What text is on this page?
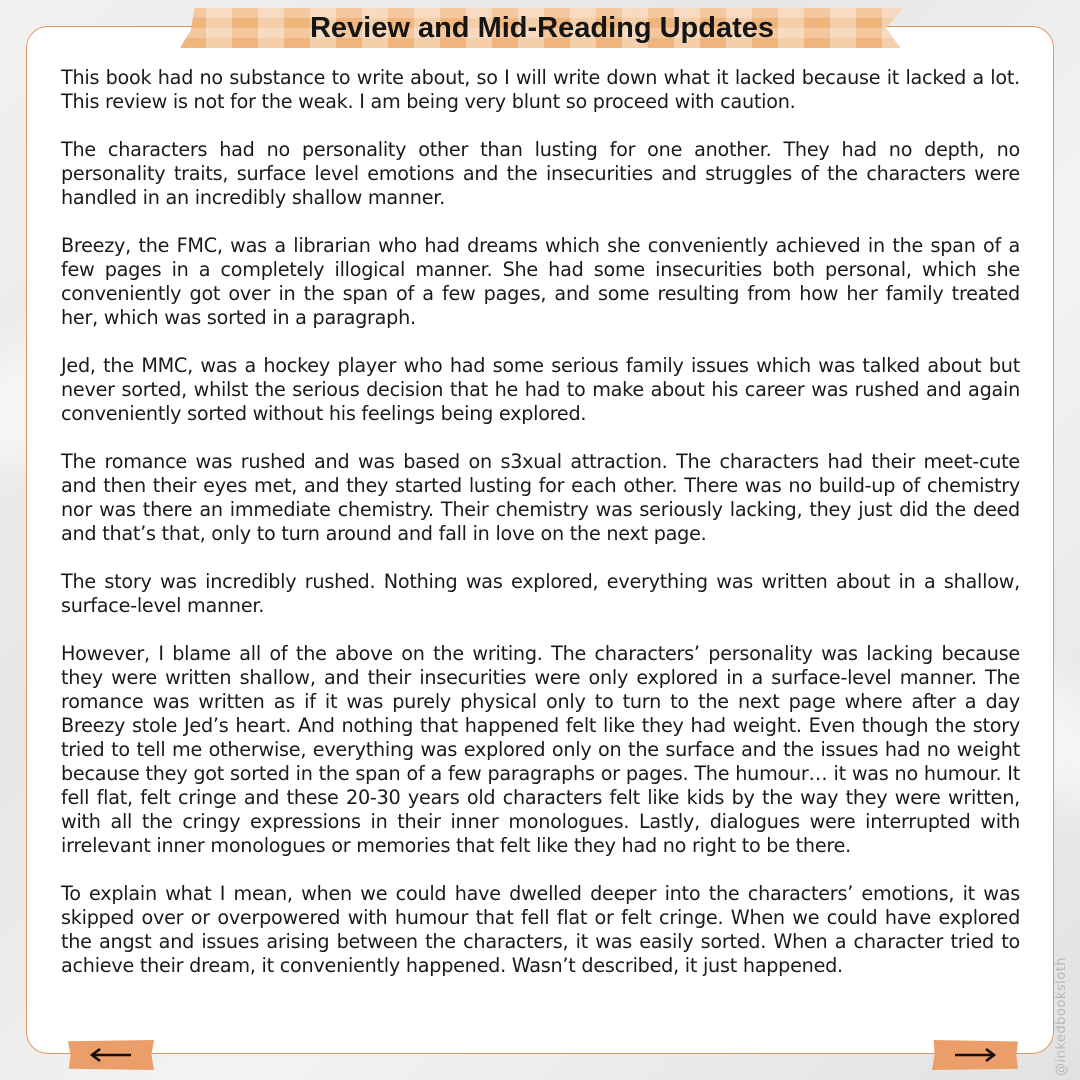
Review and Mid-Reading Updates

This book had no substance to write about, so I will write down what it lacked because it lacked a lot. This review is not for the weak. I am being very blunt so proceed with caution.

The characters had no personality other than lusting for one another. They had no depth, no personality traits, surface level emotions and the insecurities and struggles of the characters were handled in an incredibly shallow manner.

Breezy, the FMC, was a librarian who had dreams which she conveniently achieved in the span of a few pages in a completely illogical manner. She had some insecurities both personal, which she conveniently got over in the span of a few pages, and some resulting from how her family treated her, which was sorted in a paragraph.

Jed, the MMC, was a hockey player who had some serious family issues which was talked about but never sorted, whilst the serious decision that he had to make about his career was rushed and again conveniently sorted without his feelings being explored.

The romance was rushed and was based on s3xual attraction. The characters had their meet-cute and then their eyes met, and they started lusting for each other. There was no build-up of chemistry nor was there an immediate chemistry. Their chemistry was seriously lacking, they just did the deed and that’s that, only to turn around and fall in love on the next page.

The story was incredibly rushed. Nothing was explored, everything was written about in a shallow, surface-level manner.

However, I blame all of the above on the writing. The characters’ personality was lacking because they were written shallow, and their insecurities were only explored in a surface-level manner. The romance was written as if it was purely physical only to turn to the next page where after a day Breezy stole Jed’s heart. And nothing that happened felt like they had weight. Even though the story tried to tell me otherwise, everything was explored only on the surface and the issues had no weight because they got sorted in the span of a few paragraphs or pages. The humour… it was no humour. It fell flat, felt cringe and these 20-30 years old characters felt like kids by the way they were written, with all the cringy expressions in their inner monologues. Lastly, dialogues were interrupted with irrelevant inner monologues or memories that felt like they had no right to be there.

To explain what I mean, when we could have dwelled deeper into the characters’ emotions, it was skipped over or overpowered with humour that fell flat or felt cringe. When we could have explored the angst and issues arising between the characters, it was easily sorted. When a character tried to achieve their dream, it conveniently happened. Wasn’t described, it just happened.	@inkedbooksloth
